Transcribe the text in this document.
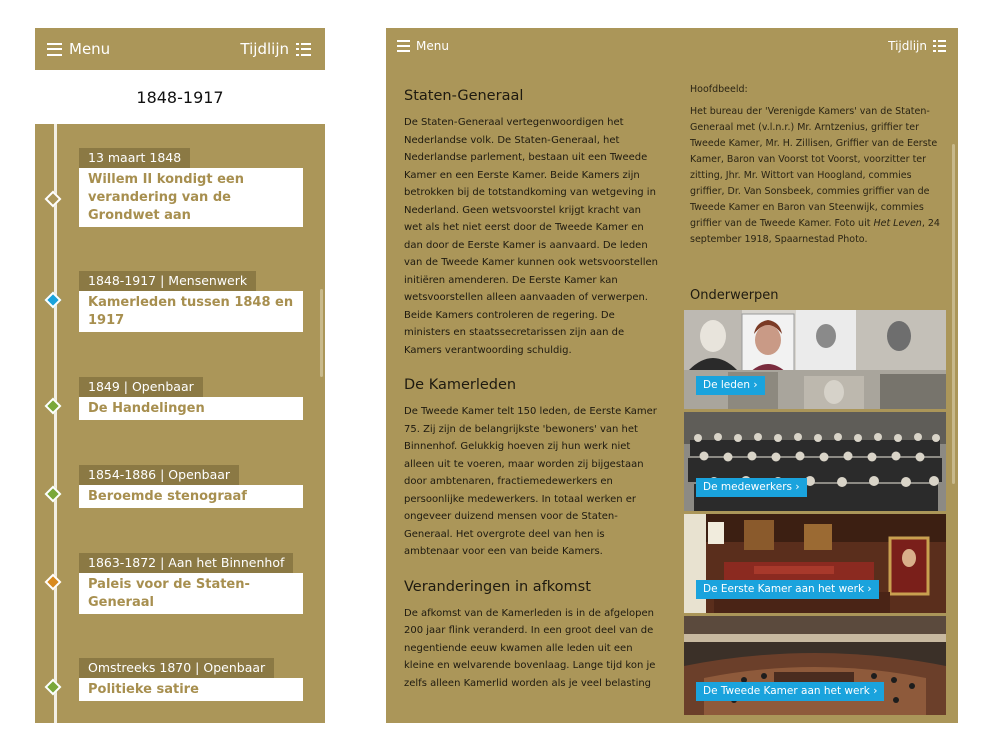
Menu	Tijdlijn
1848-1917
13 maart 1848
Willem II kondigt een verandering van de Grondwet aan
1848-1917 | Mensenwerk
Kamerleden tussen 1848 en 1917
1849 | Openbaar
De Handelingen
1854-1886 | Openbaar
Beroemde stenograaf
1863-1872 | Aan het Binnenhof
Paleis voor de Staten-Generaal
Omstreeks 1870 | Openbaar
Politieke satire
Menu	Tijdlijn
Staten-Generaal

De Staten-Generaal vertegenwoordigen het Nederlandse volk. De Staten-Generaal, het Nederlandse parlement, bestaan uit een Tweede Kamer en een Eerste Kamer. Beide Kamers zijn betrokken bij de totstandkoming van wetgeving in Nederland. Geen wetsvoorstel krijgt kracht van wet als het niet eerst door de Tweede Kamer en dan door de Eerste Kamer is aanvaard. De leden van de Tweede Kamer kunnen ook wetsvoorstellen initiëren amenderen. De Eerste Kamer kan wetsvoorstellen alleen aanvaaden of verwerpen. Beide Kamers controleren de regering. De ministers en staatssecretarissen zijn aan de Kamers verantwoording schuldig.

De Kamerleden

De Tweede Kamer telt 150 leden, de Eerste Kamer 75. Zij zijn de belangrijkste 'bewoners' van het Binnenhof. Gelukkig hoeven zij hun werk niet alleen uit te voeren, maar worden zij bijgestaan door ambtenaren, fractiemedewerkers en persoonlijke medewerkers. In totaal werken er ongeveer duizend mensen voor de Staten-Generaal. Het overgrote deel van hen is ambtenaar voor een van beide Kamers.

Veranderingen in afkomst

De afkomst van de Kamerleden is in de afgelopen 200 jaar flink veranderd. In een groot deel van de negentiende eeuw kwamen alle leden uit een kleine en welvarende bovenlaag. Lange tijd kon je zelfs alleen Kamerlid worden als je veel belasting

Hoofdbeeld:
Het bureau der 'Verenigde Kamers' van de Staten-Generaal met (v.l.n.r.) Mr. Arntzenius, griffier ter Tweede Kamer, Mr. H. Zillisen, Griffier van de Eerste Kamer, Baron van Voorst tot Voorst, voorzitter ter zitting, Jhr. Mr. Wittort van Hoogland, commies griffier, Dr. Van Sonsbeek, commies griffier van de Tweede Kamer en Baron van Steenwijk, commies griffier van de Tweede Kamer. Foto uit Het Leven, 24 september 1918, Spaarnestad Photo.
Onderwerpen
De leden ›
De medewerkers ›
De Eerste Kamer aan het werk ›
De Tweede Kamer aan het werk ›
